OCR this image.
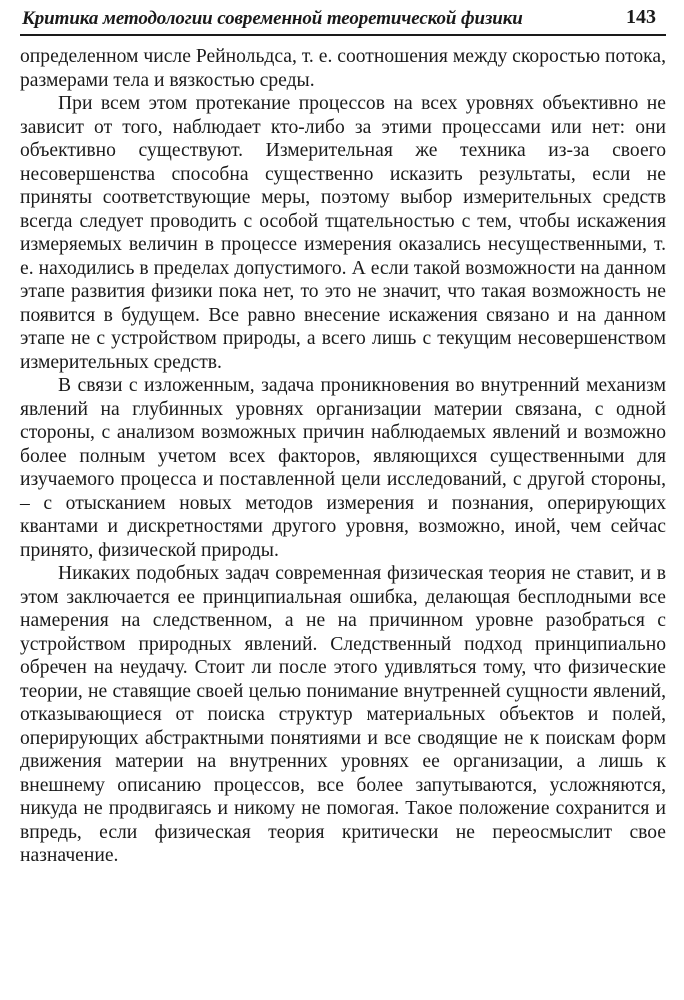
Критика методологии современной теоретической физики	143

определенном числе Рейнольдса, т. е. соотношения между скоростью потока, размерами тела и вязкостью среды.

При всем этом протекание процессов на всех уровнях объективно не зависит от того, наблюдает кто-либо за этими процессами или нет: они объективно существуют. Измерительная же техника из-за своего несовершенства способна существенно исказить результаты, если не приняты соответствующие меры, поэтому выбор измерительных средств всегда следует проводить с особой тщательностью с тем, чтобы искажения измеряемых величин в процессе измерения оказались несущественными, т. е. находились в пределах допустимого. А если такой возможности на данном этапе развития физики пока нет, то это не значит, что такая возможность не появится в будущем. Все равно внесение искажения связано и на данном этапе не с устройством природы, а всего лишь с текущим несовершенством измерительных средств.

В связи с изложенным, задача проникновения во внутренний механизм явлений на глубинных уровнях организации материи связана, с одной стороны, с анализом возможных причин наблюдаемых явлений и возможно более полным учетом всех факторов, являющихся существенными для изучаемого процесса и поставленной цели исследований, с другой стороны, – с отысканием новых методов измерения и познания, оперирующих квантами и дискретностями другого уровня, возможно, иной, чем сейчас принято, физической природы.

Никаких подобных задач современная физическая теория не ставит, и в этом заключается ее принципиальная ошибка, делающая бесплодными все намерения на следственном, а не на причинном уровне разобраться с устройством природных явлений. Следственный подход принципиально обречен на неудачу. Стоит ли после этого удивляться тому, что физические теории, не ставящие своей целью понимание внутренней сущности явлений, отказывающиеся от поиска структур материальных объектов и полей, оперирующих абстрактными понятиями и все сводящие не к поискам форм движения материи на внутренних уровнях ее организации, а лишь к внешнему описанию процессов, все более запутываются, усложняются, никуда не продвигаясь и никому не помогая. Такое положение сохранится и впредь, если физическая теория критически не переосмыслит свое назначение.
